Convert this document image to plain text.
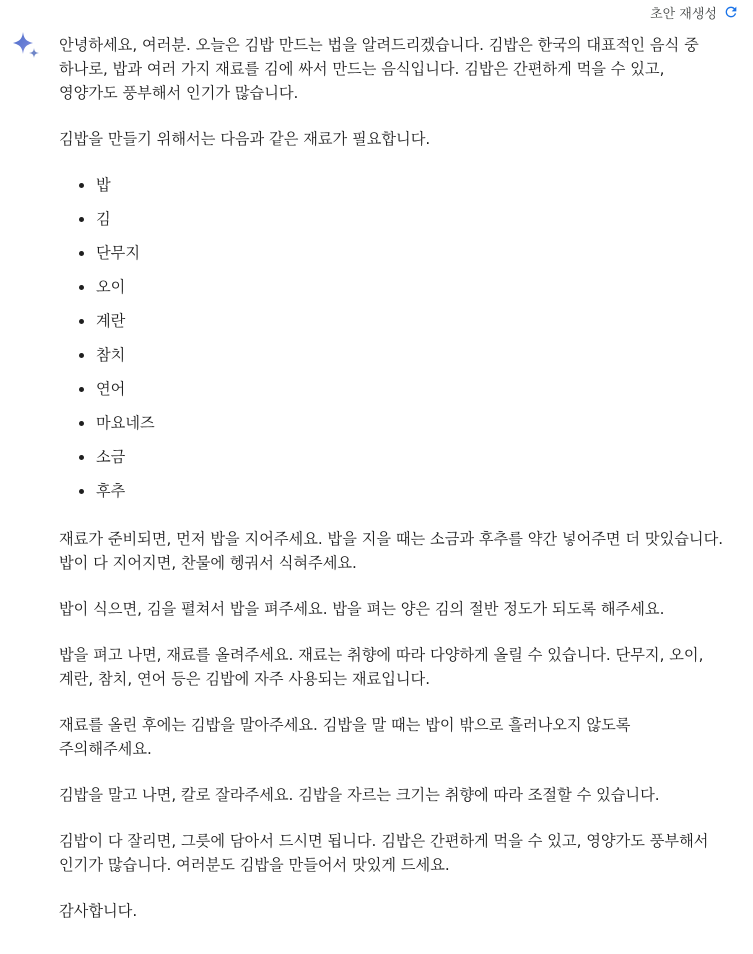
초안 재생성

안녕하세요, 여러분. 오늘은 김밥 만드는 법을 알려드리겠습니다. 김밥은 한국의 대표적인 음식 중 하나로, 밥과 여러 가지 재료를 김에 싸서 만드는 음식입니다. 김밥은 간편하게 먹을 수 있고, 영양가도 풍부해서 인기가 많습니다.

김밥을 만들기 위해서는 다음과 같은 재료가 필요합니다.

밥
김
단무지
오이
계란
참치
연어
마요네즈
소금
후추

재료가 준비되면, 먼저 밥을 지어주세요. 밥을 지을 때는 소금과 후추를 약간 넣어주면 더 맛있습니다. 밥이 다 지어지면, 찬물에 헹궈서 식혀주세요.

밥이 식으면, 김을 펼쳐서 밥을 펴주세요. 밥을 펴는 양은 김의 절반 정도가 되도록 해주세요.

밥을 펴고 나면, 재료를 올려주세요. 재료는 취향에 따라 다양하게 올릴 수 있습니다. 단무지, 오이, 계란, 참치, 연어 등은 김밥에 자주 사용되는 재료입니다.

재료를 올린 후에는 김밥을 말아주세요. 김밥을 말 때는 밥이 밖으로 흘러나오지 않도록 주의해주세요.

김밥을 말고 나면, 칼로 잘라주세요. 김밥을 자르는 크기는 취향에 따라 조절할 수 있습니다.

김밥이 다 잘리면, 그릇에 담아서 드시면 됩니다. 김밥은 간편하게 먹을 수 있고, 영양가도 풍부해서 인기가 많습니다. 여러분도 김밥을 만들어서 맛있게 드세요.

감사합니다.
